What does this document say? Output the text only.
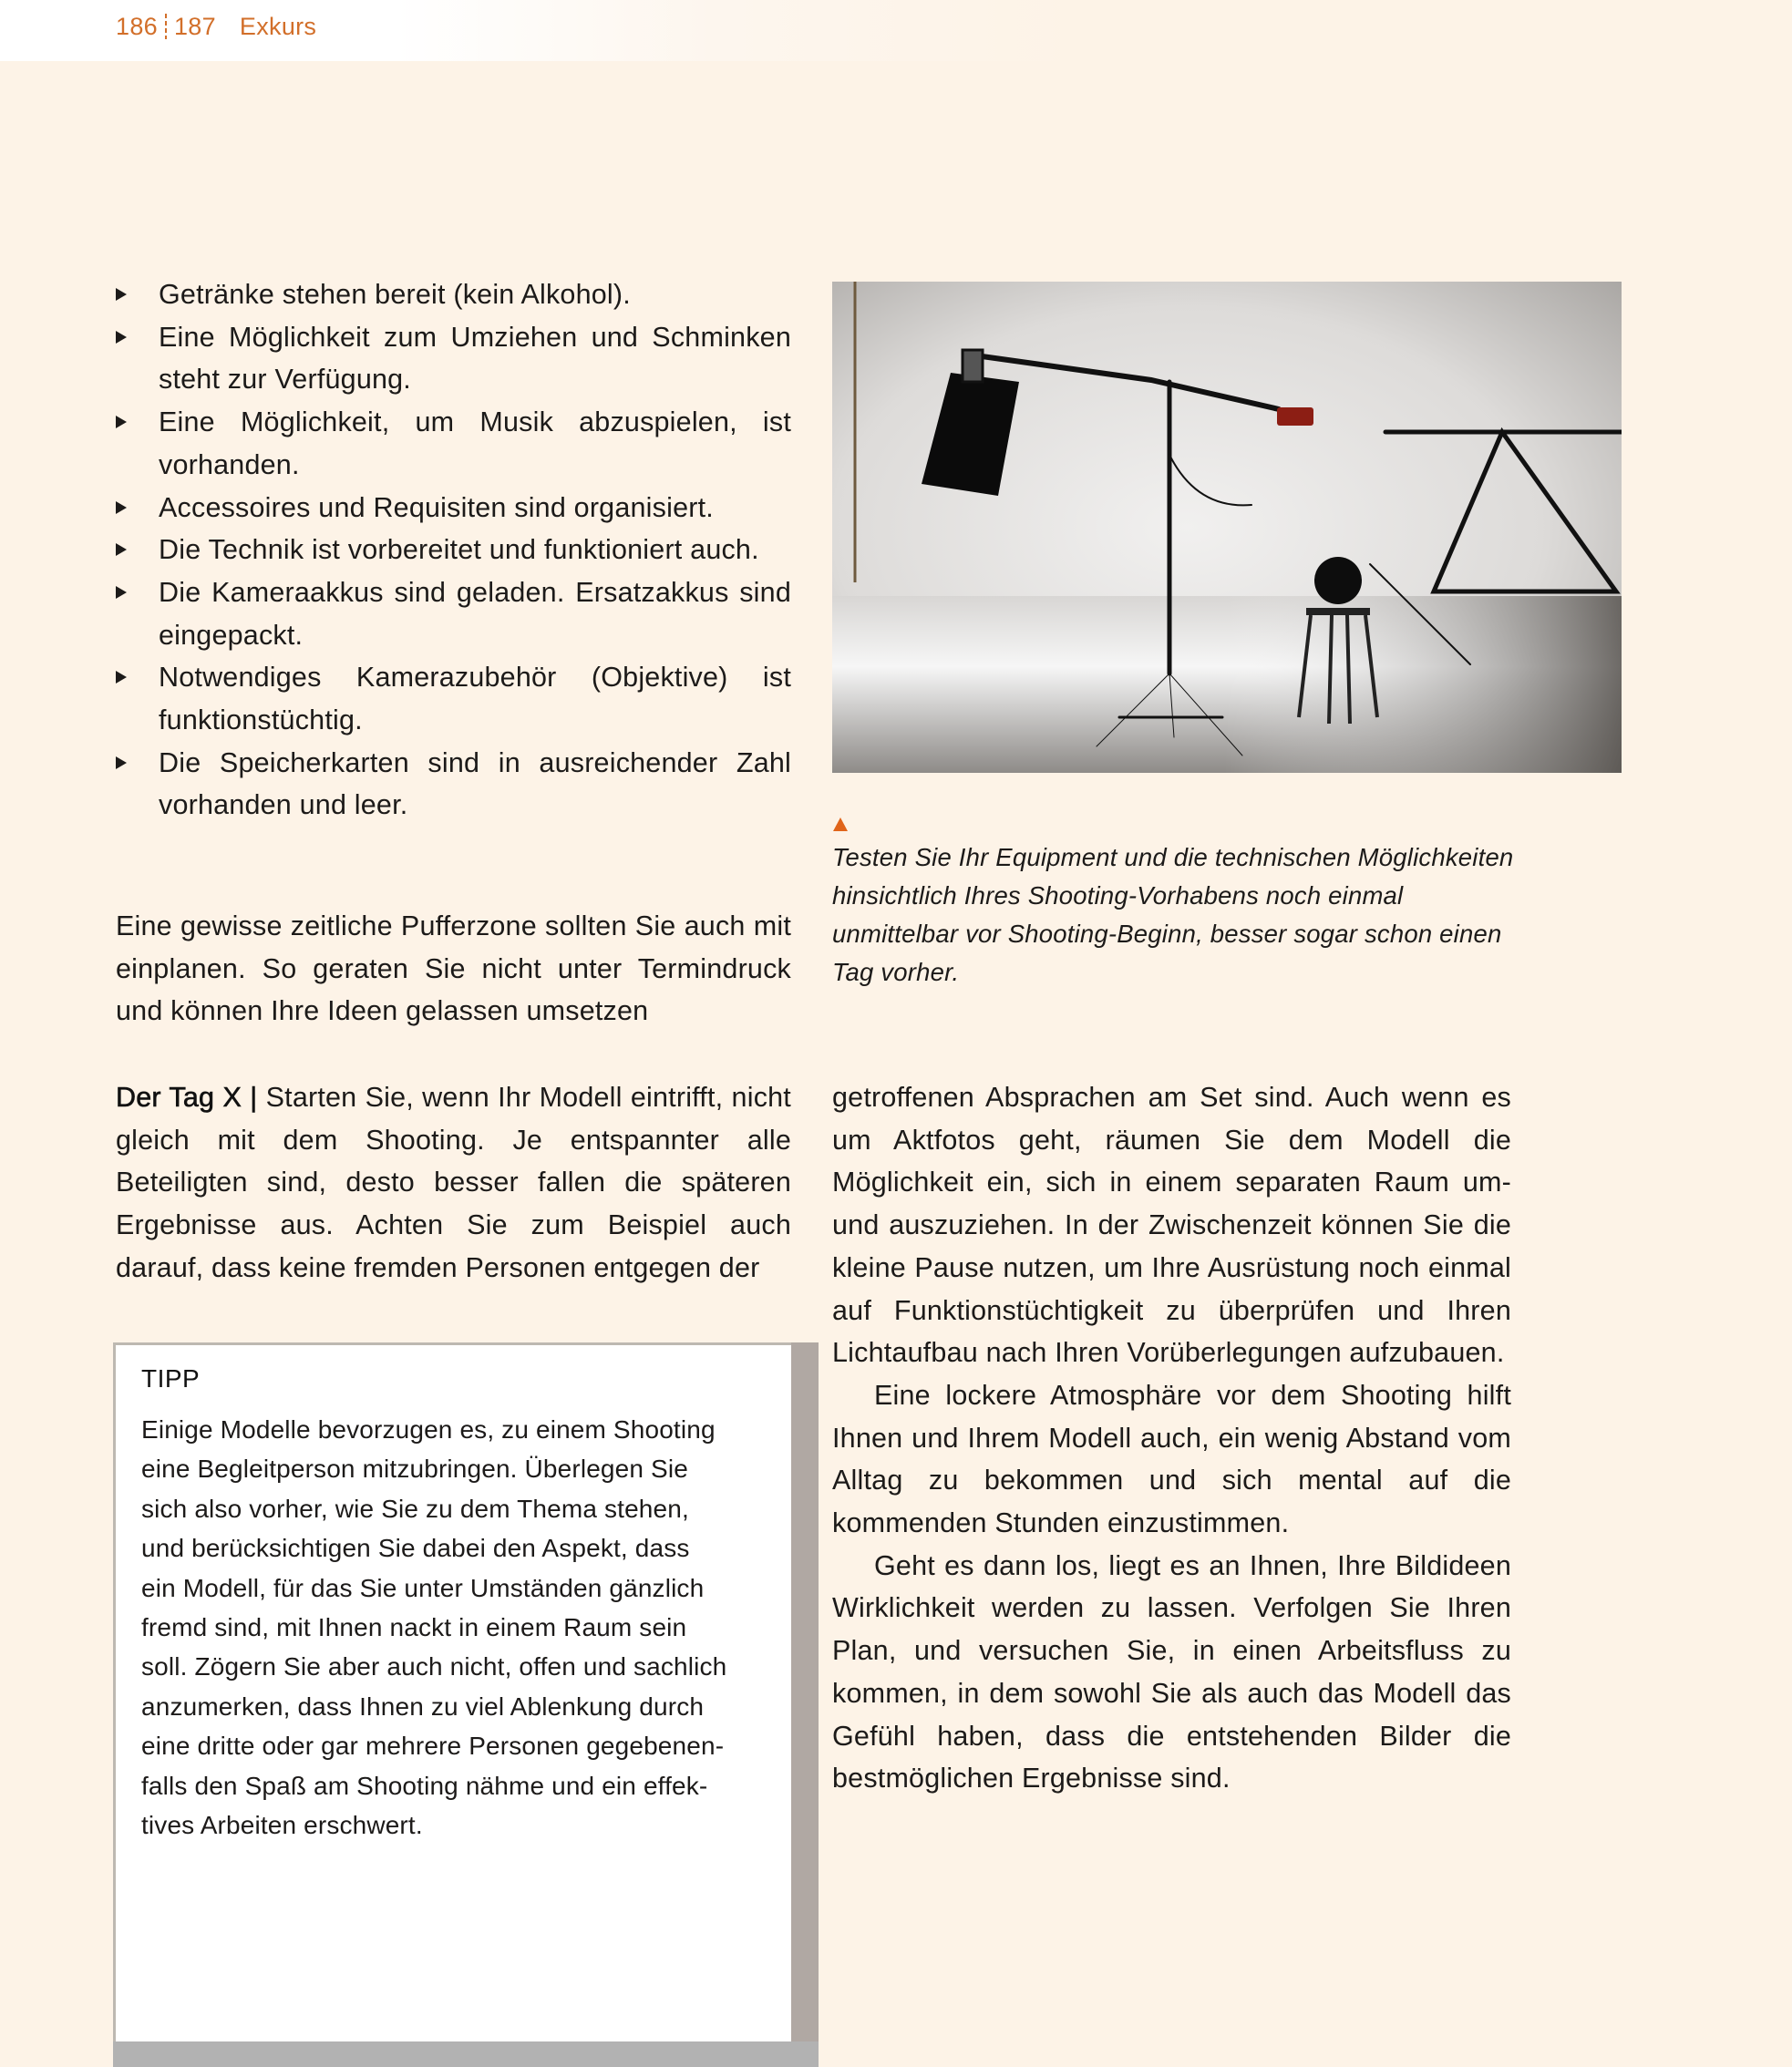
186 187 Exkurs
Getränke stehen bereit (kein Alkohol).
Eine Möglichkeit zum Umziehen und Schminken steht zur Verfügung.
Eine Möglichkeit, um Musik abzuspielen, ist vorhanden.
Accessoires und Requisiten sind organisiert.
Die Technik ist vorbereitet und funktioniert auch.
Die Kameraakkus sind geladen. Ersatzakkus sind eingepackt.
Notwendiges Kamerazubehör (Objektive) ist funktionstüchtig.
Die Speicherkarten sind in ausreichender Zahl vorhanden und leer.
Eine gewisse zeitliche Pufferzone sollten Sie auch mit einplanen. So geraten Sie nicht unter Termindruck und können Ihre Ideen gelassen umsetzen
Der Tag X | Starten Sie, wenn Ihr Modell eintrifft, nicht gleich mit dem Shooting. Je entspannter alle Beteiligten sind, desto besser fallen die späteren Ergebnisse aus. Achten Sie zum Beispiel auch darauf, dass keine fremden Personen entgegen der
Testen Sie Ihr Equipment und die technischen Möglichkeiten hinsichtlich Ihres Shooting-Vorhabens noch einmal unmittelbar vor Shooting-Beginn, besser sogar schon einen Tag vorher.
TIPP
Einige Modelle bevorzugen es, zu einem Shooting
eine Begleitperson mitzubringen. Überlegen Sie
sich also vorher, wie Sie zu dem Thema stehen,
und berücksichtigen Sie dabei den Aspekt, dass
ein Modell, für das Sie unter Umständen gänzlich
fremd sind, mit Ihnen nackt in einem Raum sein
soll. Zögern Sie aber auch nicht, offen und sachlich
anzumerken, dass Ihnen zu viel Ablenkung durch
eine dritte oder gar mehrere Personen gegebenen-
falls den Spaß am Shooting nähme und ein effek-
tives Arbeiten erschwert.

getroffenen Absprachen am Set sind. Auch wenn es um Aktfotos geht, räumen Sie dem Modell die Möglichkeit ein, sich in einem separaten Raum um- und auszuziehen. In der Zwischenzeit können Sie die kleine Pause nutzen, um Ihre Ausrüstung noch einmal auf Funktionstüchtigkeit zu überprüfen und Ihren Lichtaufbau nach Ihren Vorüberlegungen aufzubauen.

Eine lockere Atmosphäre vor dem Shooting hilft Ihnen und Ihrem Modell auch, ein wenig Abstand vom Alltag zu bekommen und sich mental auf die kommenden Stunden einzustimmen.

Geht es dann los, liegt es an Ihnen, Ihre Bildideen Wirklichkeit werden zu lassen. Verfolgen Sie Ihren Plan, und versuchen Sie, in einen Arbeitsfluss zu kommen, in dem sowohl Sie als auch das Modell das Gefühl haben, dass die entstehenden Bilder die bestmöglichen Ergebnisse sind.
